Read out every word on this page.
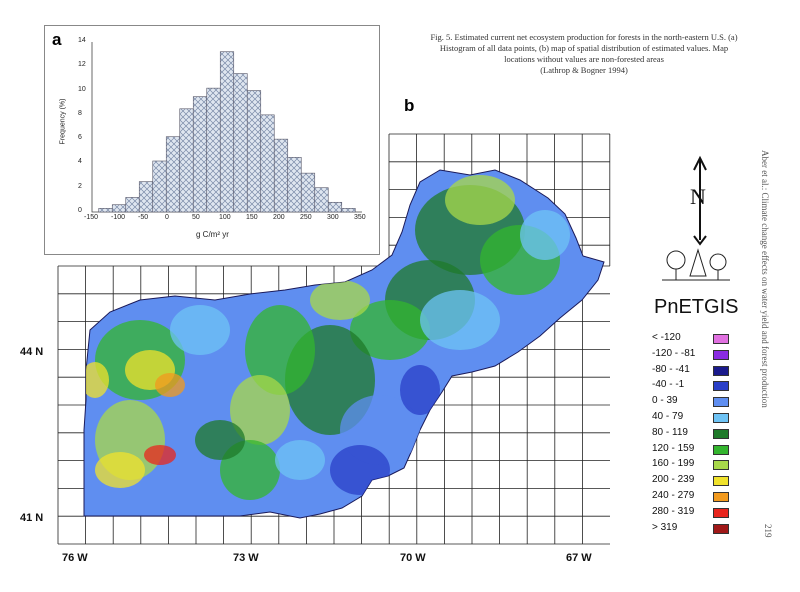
a
Frequency (%)
g C/m² yr
Fig. 5. Estimated current net ecosystem production for forests in the north-eastern U.S. (a) Histogram of all data points, (b) map of spatial distribution of estimated values. Map locations without values are non-forested areas
(Lathrop & Bogner 1994)
b
44 N
41 N
76 W	73 W	70 W	67 W
N
PnETGIS
< -120
-120 - -81
-80 - -41
-40 - -1
0 - 39
40 - 79
80 - 119
120 - 159
160 - 199
200 - 239
240 - 279
280 - 319
> 319
Aber et al.: Climate change effects on water yield and forest production
219
0
2
4
6
8
10
12
14
-150 -100 -50 0	50	100 150 200 250 300 350
